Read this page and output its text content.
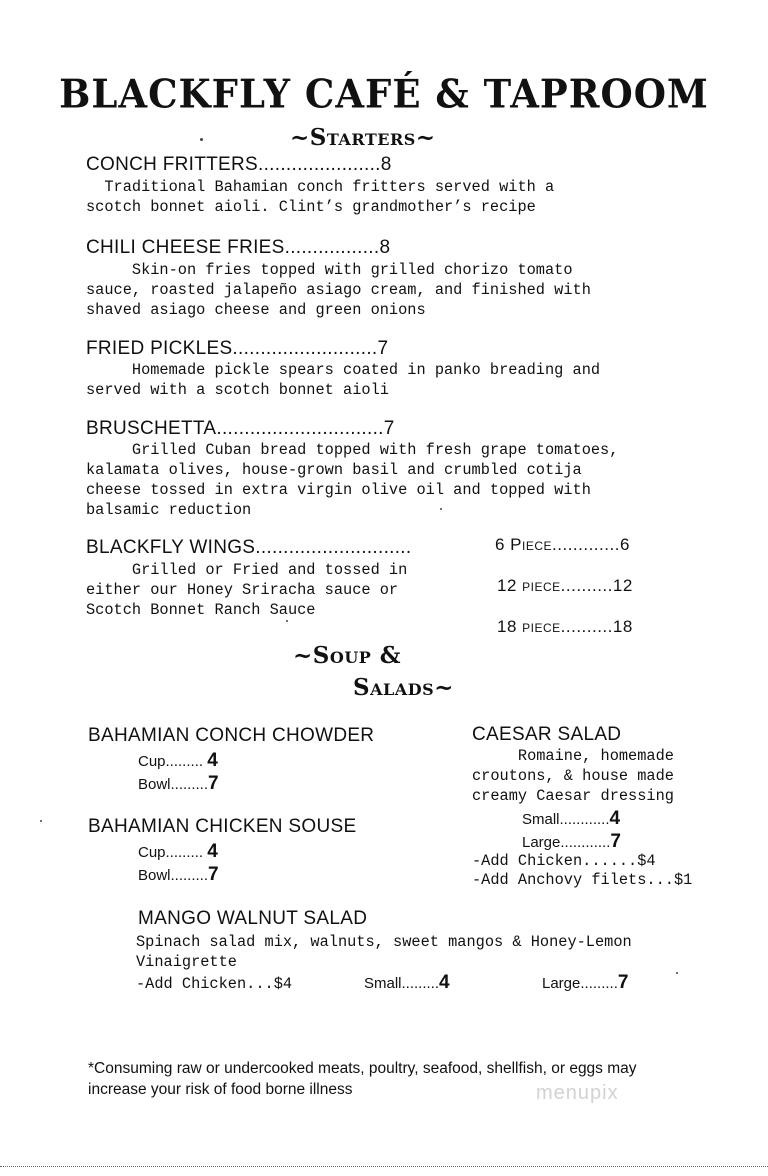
BLACKFLY CAFÉ & TAPROOM
~Starters~
CONCH FRITTERS......................8
Traditional Bahamian conch fritters served with a
scotch bonnet aioli. Clint’s grandmother’s recipe
CHILI CHEESE FRIES.................8
Skin-on fries topped with grilled chorizo tomato
sauce, roasted jalapeño asiago cream, and finished with
shaved asiago cheese and green onions
FRIED PICKLES..........................7
Homemade pickle spears coated in panko breading and
served with a scotch bonnet aioli
BRUSCHETTA..............................7
Grilled Cuban bread topped with fresh grape tomatoes,
kalamata olives, house-grown basil and crumbled cotija
cheese tossed in extra virgin olive oil and topped with
balsamic reduction
BLACKFLY WINGS............................
Grilled or Fried and tossed in
either our Honey Sriracha sauce or
Scotch Bonnet Ranch Sauce
6 Piece.............6
12 piece..........12
18 piece..........18
~Soup &
Salads~
BAHAMIAN CONCH CHOWDER
Cup......... 4
Bowl.........7
BAHAMIAN CHICKEN SOUSE
Cup......... 4
Bowl.........7
CAESAR SALAD
Romaine, homemade
croutons, & house made
creamy Caesar dressing
Small............4
Large............7
-Add Chicken......$4
-Add Anchovy filets...$1
MANGO WALNUT SALAD
Spinach salad mix, walnuts, sweet mangos & Honey-Lemon
Vinaigrette
-Add Chicken...$4	Small.........4	Large.........7
*Consuming raw or undercooked meats, poultry, seafood, shellfish, or eggs may
increase your risk of food borne illness	menupix
